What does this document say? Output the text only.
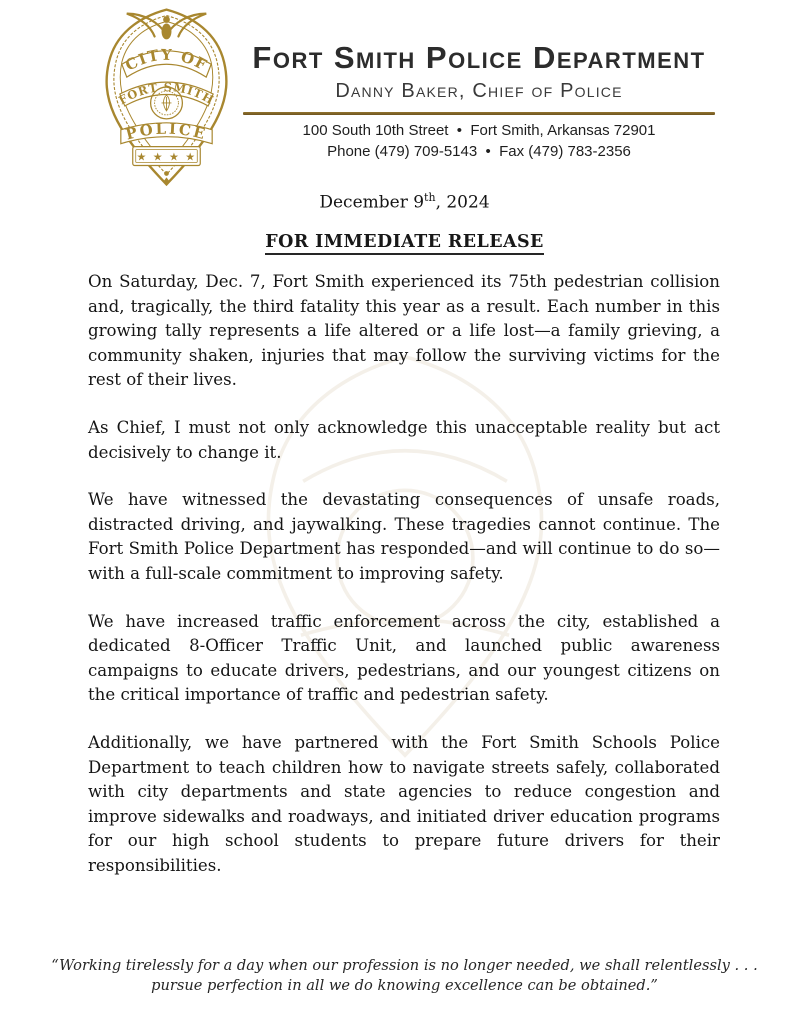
CITY OF
FORT SMITH
POLICE
★ ★ ★ ★
Fort Smith Police Department
Danny Baker, Chief of Police
100 South 10th Street  •  Fort Smith, Arkansas 72901
Phone (479) 709-5143  •  Fax (479) 783-2356
December 9th, 2024
FOR IMMEDIATE RELEASE

On Saturday, Dec. 7, Fort Smith experienced its 75th pedestrian collision and, tragically, the third fatality this year as a result. Each number in this growing tally represents a life altered or a life lost—a family grieving, a community shaken, injuries that may follow the surviving victims for the rest of their lives.

As Chief, I must not only acknowledge this unacceptable reality but act decisively to change it.

We have witnessed the devastating consequences of unsafe roads, distracted driving, and jaywalking. These tragedies cannot continue. The Fort Smith Police Department has responded—and will continue to do so—with a full-scale commitment to improving safety.

We have increased traffic enforcement across the city, established a dedicated 8-Officer Traffic Unit, and launched public awareness campaigns to educate drivers, pedestrians, and our youngest citizens on the critical importance of traffic and pedestrian safety.

Additionally, we have partnered with the Fort Smith Schools Police Department to teach children how to navigate streets safely, collaborated with city departments and state agencies to reduce congestion and improve sidewalks and roadways, and initiated driver education programs for our high school students to prepare future drivers for their responsibilities.

“Working tirelessly for a day when our profession is no longer needed, we shall relentlessly . . .
pursue perfection in all we do knowing excellence can be obtained.”
